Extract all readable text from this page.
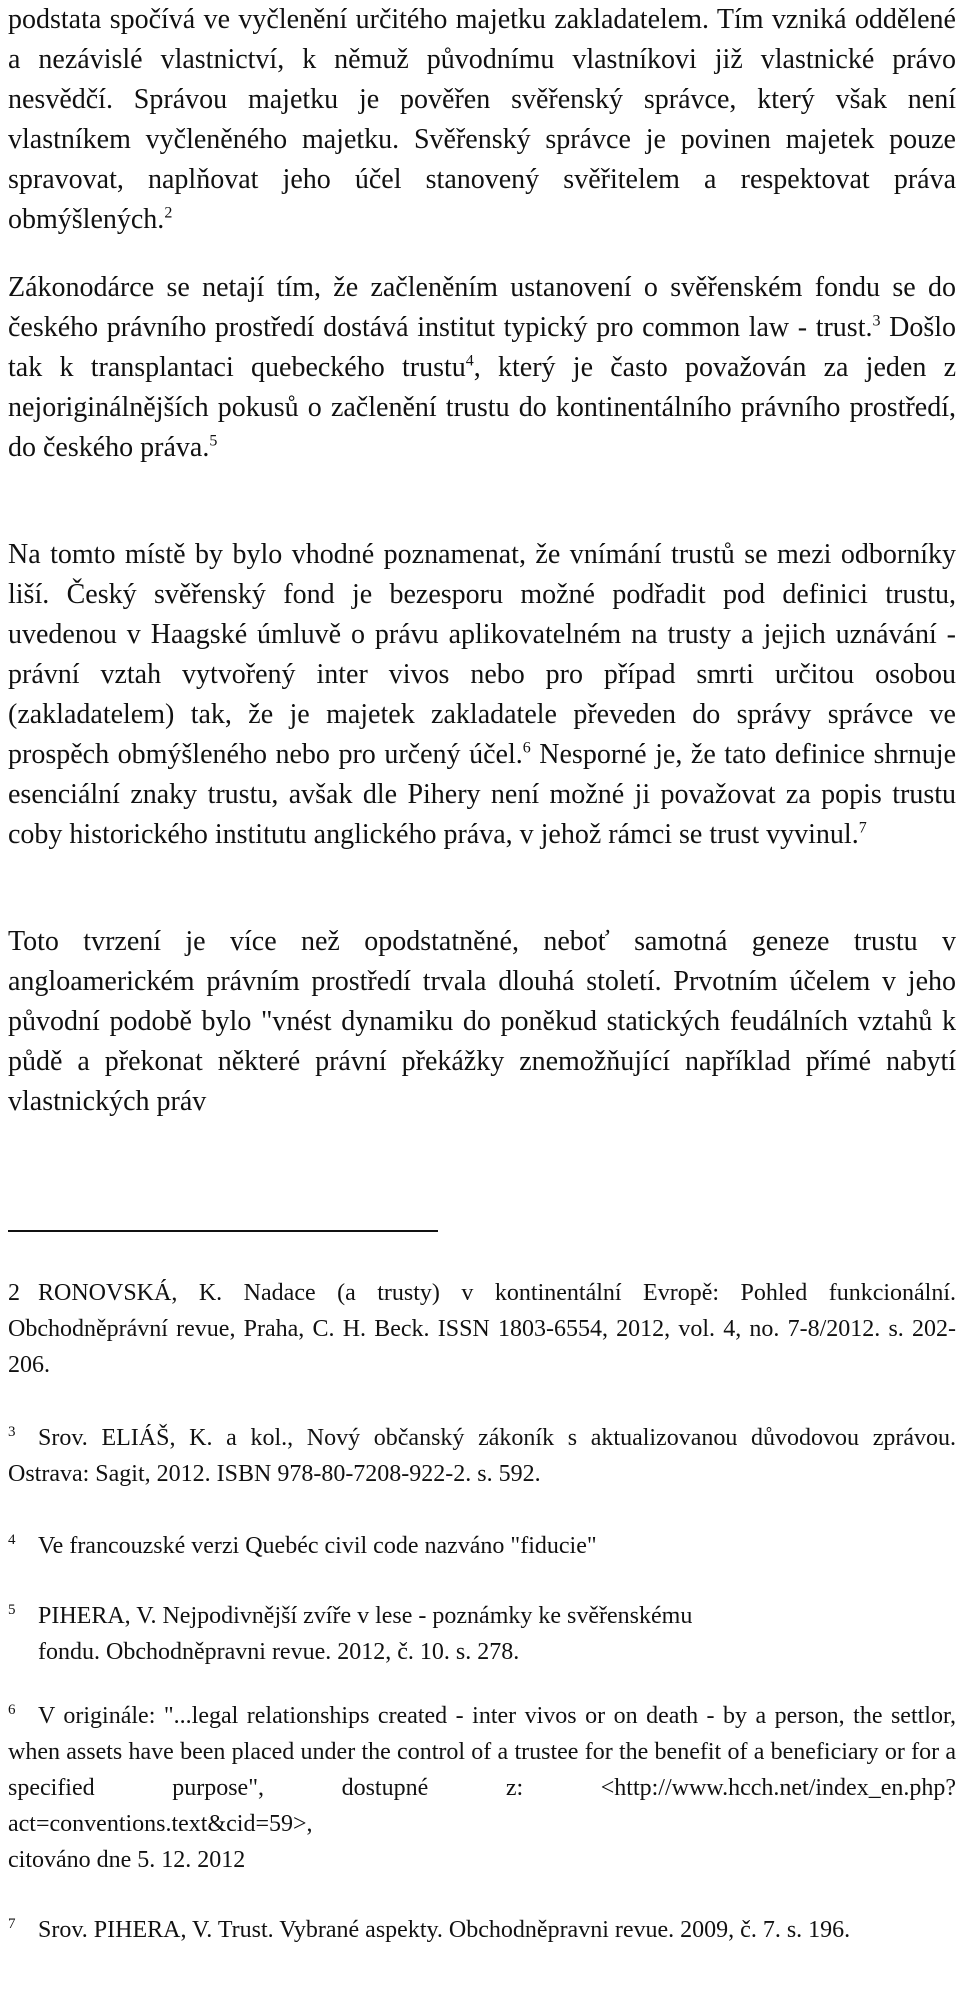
podstata spočívá ve vyčlenění určitého majetku zakladatelem. Tím vzniká oddělené a nezávislé vlastnictví, k němuž původnímu vlastníkovi již vlastnické právo nesvědčí. Správou majetku je pověřen svěřenský správce, který však není vlastníkem vyčleněného majetku. Svěřenský správce je povinen majetek pouze spravovat, naplňovat jeho účel stanovený svěřitelem a respektovat práva obmýšlených.$^2$

Zákonodárce se netají tím, že začleněním ustanovení o svěřenském fondu se do českého právního prostředí dostává institut typický pro common law - trust.$^3$ Došlo tak k transplantaci quebeckého trustu$^4$, který je často považován za jeden z nejoriginálnějších pokusů o začlenění trustu do kontinentálního právního prostředí, do českého práva.$^5$

Na tomto místě by bylo vhodné poznamenat, že vnímání trustů se mezi odborníky liší. Český svěřenský fond je bezesporu možné podřadit pod definici trustu, uvedenou v Haagské úmluvě o právu aplikovatelném na trusty a jejich uznávání - právní vztah vytvořený inter vivos nebo pro případ smrti určitou osobou (zakladatelem) tak, že je majetek zakladatele převeden do správy správce ve prospěch obmýšleného nebo pro určený účel.$^6$ Nesporné je, že tato definice shrnuje esenciální znaky trustu, avšak dle Pihery není možné ji považovat za popis trustu coby historického institutu anglického práva, v jehož rámci se trust vyvinul.$^7$

Toto tvrzení je více než opodstatněné, neboť samotná geneze trustu v angloamerickém právním prostředí trvala dlouhá století. Prvotním účelem v jeho původní podobě bylo "vnést dynamiku do poněkud statických feudálních vztahů k půdě a překonat některé právní překážky znemožňující například přímé nabytí vlastnických práv

2 RONOVSKÁ, K. Nadace (a trusty) v kontinentální Evropě: Pohled funkcionální. Obchodněprávní revue, Praha, C. H. Beck. ISSN 1803-6554, 2012, vol. 4, no. 7-8/2012. s. 202-206.

$^3$ Srov. ELIÁŠ, K. a kol., Nový občanský zákoník s aktualizovanou důvodovou zprávou. Ostrava: Sagit, 2012. ISBN 978-80-7208-922-2. s. 592.

$^4$ Ve francouzské verzi Quebéc civil code nazváno "fiducie"

$^5$ PIHERA, V. Nejpodivnější zvíře v lese - poznámky ke svěřenskému
fondu. Obchodněpravni revue. 2012, č. 10. s. 278.

$^6$ V originále: "...legal relationships created - inter vivos or on death - by a person, the settlor, when assets have been placed under the control of a trustee for the benefit of a beneficiary or for a specified purpose", dostupné z: <http://www.hcch.net/index_en.php?act=conventions.text&cid=59>,
citováno dne 5. 12. 2012

$^7$ Srov. PIHERA, V. Trust. Vybrané aspekty. Obchodněpravni revue. 2009, č. 7. s. 196.
